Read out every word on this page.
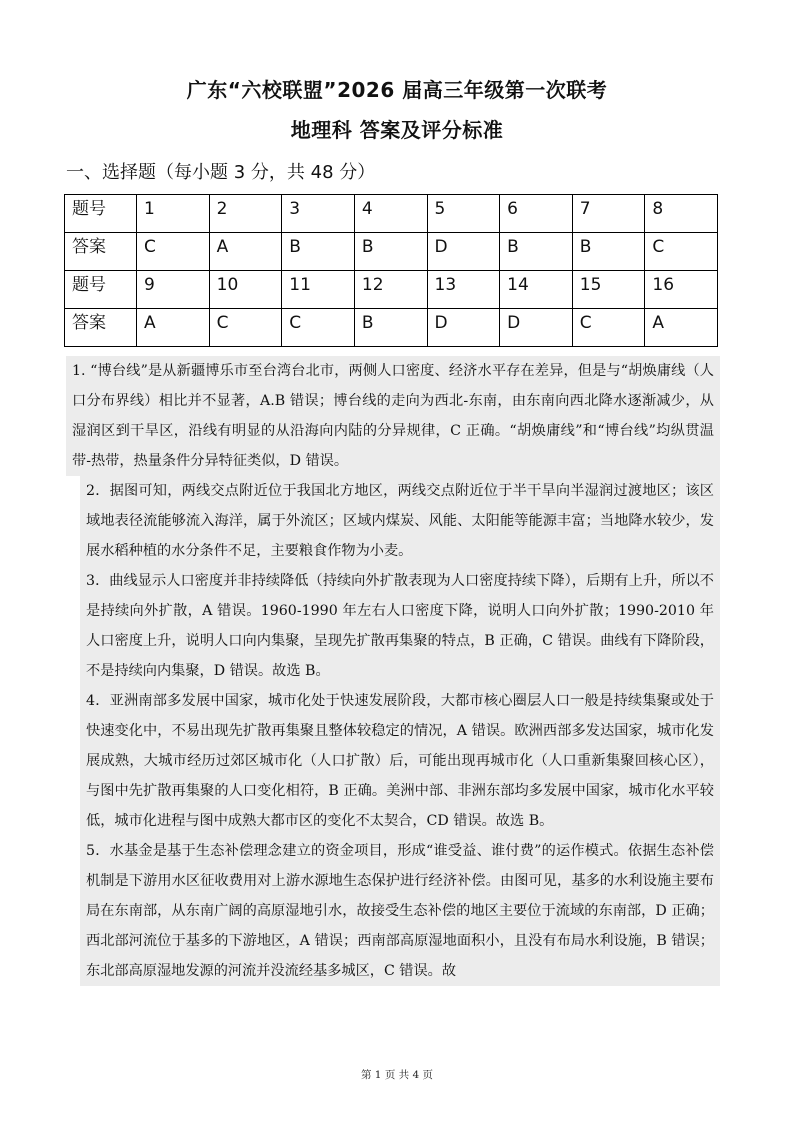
广东“六校联盟”2026 届高三年级第一次联考
地理科 答案及评分标准
一、选择题（每小题 3 分，共 48 分）
题号	1	2	3	4	5	6	7	8
答案	C	A	B	B	D	B	B	C
题号	9	10	11	12	13	14	15	16
答案	A	C	C	B	D	D	C	A
1. “博台线”是从新疆博乐市至台湾台北市，两侧人口密度、经济水平存在差异，但是与“胡焕庸线（人口分布界线）相比并不显著，A.B 错误；博台线的走向为西北-东南，由东南向西北降水逐渐减少，从湿润区到干旱区，沿线有明显的从沿海向内陆的分异规律，C 正确。“胡焕庸线”和“博台线”均纵贯温带-热带，热量条件分异特征类似，D 错误。
2．据图可知，两线交点附近位于我国北方地区，两线交点附近位于半干旱向半湿润过渡地区；该区域地表径流能够流入海洋，属于外流区；区域内煤炭、风能、太阳能等能源丰富；当地降水较少，发展水稻种植的水分条件不足，主要粮食作物为小麦。
3．曲线显示人口密度并非持续降低（持续向外扩散表现为人口密度持续下降），后期有上升，所以不是持续向外扩散，A 错误。1960-1990 年左右人口密度下降，说明人口向外扩散；1990-2010 年人口密度上升，说明人口向内集聚，呈现先扩散再集聚的特点，B 正确，C 错误。曲线有下降阶段，不是持续向内集聚，D 错误。故选 B。
4．亚洲南部多发展中国家，城市化处于快速发展阶段，大都市核心圈层人口一般是持续集聚或处于快速变化中，不易出现先扩散再集聚且整体较稳定的情况，A 错误。欧洲西部多发达国家，城市化发展成熟，大城市经历过郊区城市化（人口扩散）后，可能出现再城市化（人口重新集聚回核心区），与图中先扩散再集聚的人口变化相符，B 正确。美洲中部、非洲东部均多发展中国家，城市化水平较低，城市化进程与图中成熟大都市区的变化不太契合，CD 错误。故选 B。
5．水基金是基于生态补偿理念建立的资金项目，形成“谁受益、谁付费”的运作模式。依据生态补偿机制是下游用水区征收费用对上游水源地生态保护进行经济补偿。由图可见，基多的水利设施主要布局在东南部，从东南广阔的高原湿地引水，故接受生态补偿的地区主要位于流域的东南部，D 正确；西北部河流位于基多的下游地区，A 错误；西南部高原湿地面积小，且没有布局水利设施，B 错误；东北部高原湿地发源的河流并没流经基多城区，C 错误。故
第 1 页 共 4 页
